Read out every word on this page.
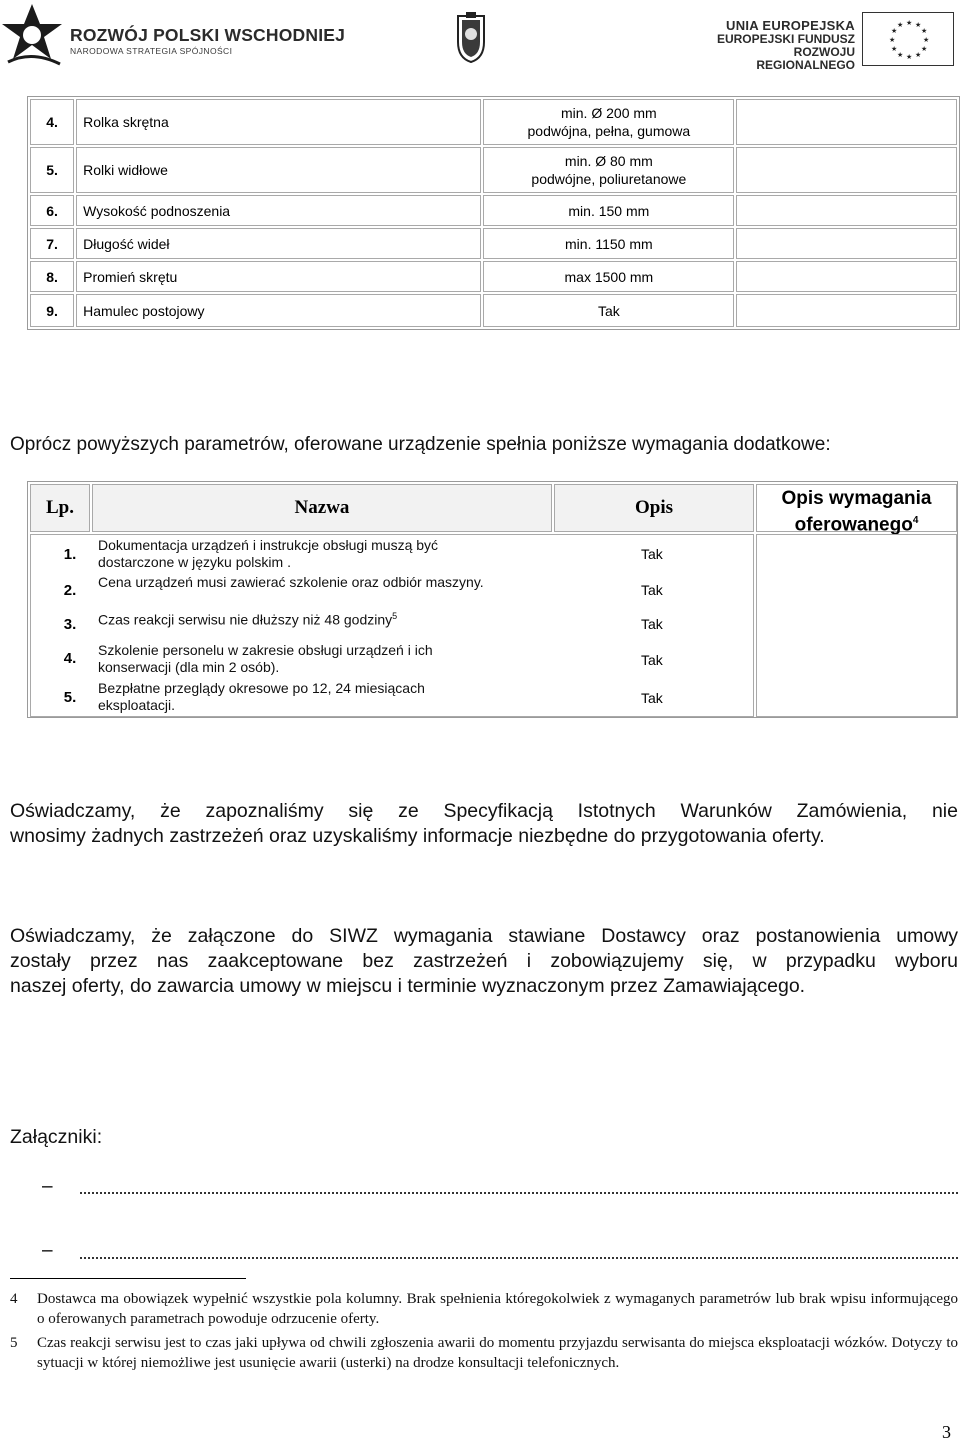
ROZWÓJ POLSKI WSCHODNIEJ
NARODOWA STRATEGIA SPÓJNOŚCI
UNIA EUROPEJSKA
EUROPEJSKI FUNDUSZ
ROZWOJU REGIONALNEGO
★ ★
★
★
★
★
★
★
★
★
★
★
4.	Rolka skrętna	min. Ø 200 mm
podwójna, pełna, gumowa	

5.	Rolki widłowe	min. Ø 80 mm
podwójne, poliuretanowe	

6.	Wysokość podnoszenia	min. 150 mm	
7.	Długość wideł	min. 1150 mm	
8.	Promień skrętu	max 1500 mm	
9.	Hamulec postojowy	Tak	
Oprócz powyższych parametrów, oferowane urządzenie spełnia poniższe wymagania dodatkowe:
Lp.	Nazwa	Opis	Opis wymagania
oferowanego$^4$
1.
Dokumentacja urządzeń i instrukcje obsługi muszą być
dostarczone w języku polskim .	Tak
2.	Cena urządzeń musi zawierać szkolenie oraz odbiór maszyny.	Tak
3.	Czas reakcji serwisu nie dłuższy niż 48 godziny$^5$	Tak
4.	Szkolenie personelu w zakresie obsługi urządzeń i ich
konserwacji (dla min 2 osób).	Tak
5.
Bezpłatne przeglądy okresowe po 12, 24 miesiącach
eksploatacji.	Tak
Oświadczamy, że zapoznaliśmy się ze Specyfikacją Istotnych Warunków Zamówienia, nie
wnosimy żadnych zastrzeżeń oraz uzyskaliśmy informacje niezbędne do przygotowania oferty.
Oświadczamy, że załączone do SIWZ wymagania stawiane Dostawcy oraz postanowienia umowy
zostały przez nas zaakceptowane bez zastrzeżeń i zobowiązujemy się, w przypadku wyboru
naszej oferty, do zawarcia umowy w miejscu i terminie wyznaczonym przez Zamawiającego.
Załączniki:
–
–
4 Dostawca ma obowiązek wypełnić wszystkie pola kolumny. Brak spełnienia któregokolwiek z wymaganych parametrów lub brak wpisu informującego o oferowanych parametrach powoduje odrzucenie oferty.
5 Czas reakcji serwisu jest to czas jaki upływa od chwili zgłoszenia awarii do momentu przyjazdu serwisanta do miejsca eksploatacji wózków. Dotyczy to sytuacji w której niemożliwe jest usunięcie awarii (usterki) na drodze konsultacji telefonicznych.
3
